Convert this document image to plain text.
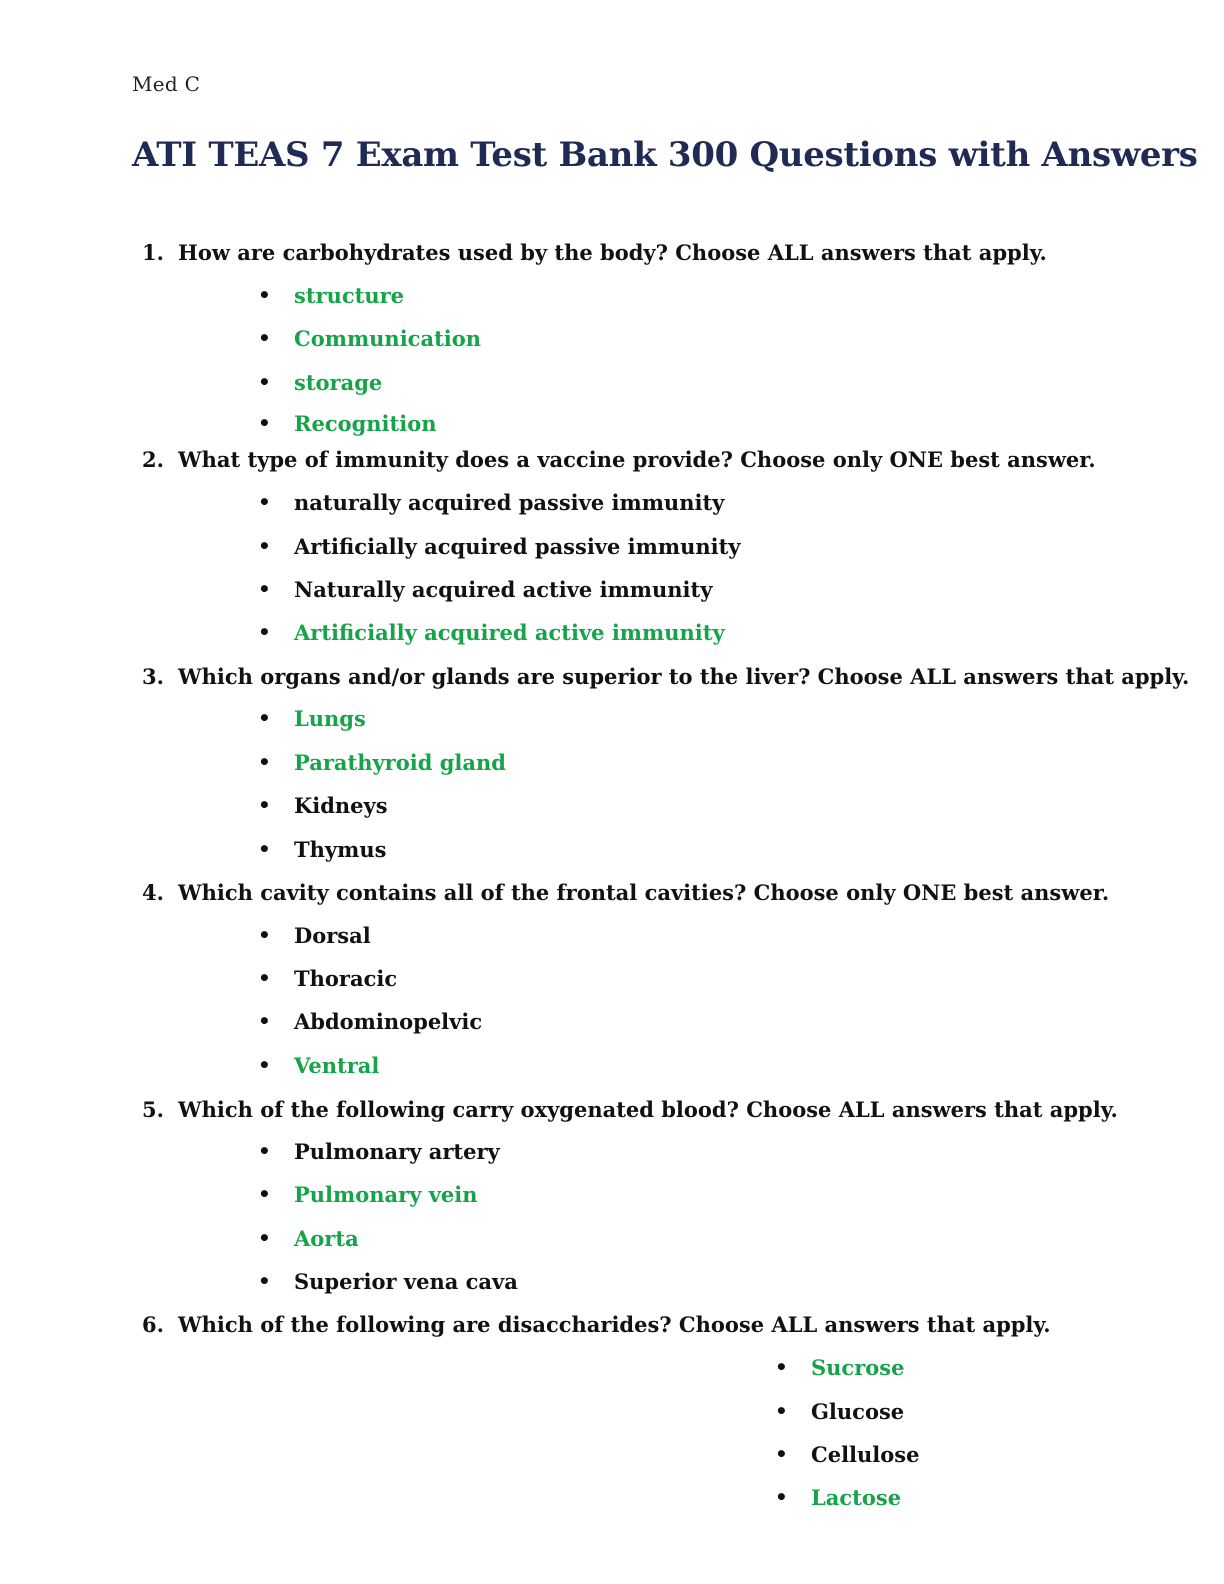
Med C
ATI TEAS 7 Exam Test Bank 300 Questions with Answers
1. How are carbohydrates used by the body? Choose ALL answers that apply.
• structure
• Communication
• storage
• Recognition
2. What type of immunity does a vaccine provide? Choose only ONE best answer.
• naturally acquired passive immunity
• Artificially acquired passive immunity
• Naturally acquired active immunity
• Artificially acquired active immunity
3. Which organs and/or glands are superior to the liver? Choose ALL answers that apply.
• Lungs
• Parathyroid gland
• Kidneys
• Thymus
4. Which cavity contains all of the frontal cavities? Choose only ONE best answer.
• Dorsal
• Thoracic
• Abdominopelvic
• Ventral
5. Which of the following carry oxygenated blood? Choose ALL answers that apply.
• Pulmonary artery
• Pulmonary vein
• Aorta
• Superior vena cava
6. Which of the following are disaccharides? Choose ALL answers that apply.
• Sucrose
• Glucose
• Cellulose
• Lactose
